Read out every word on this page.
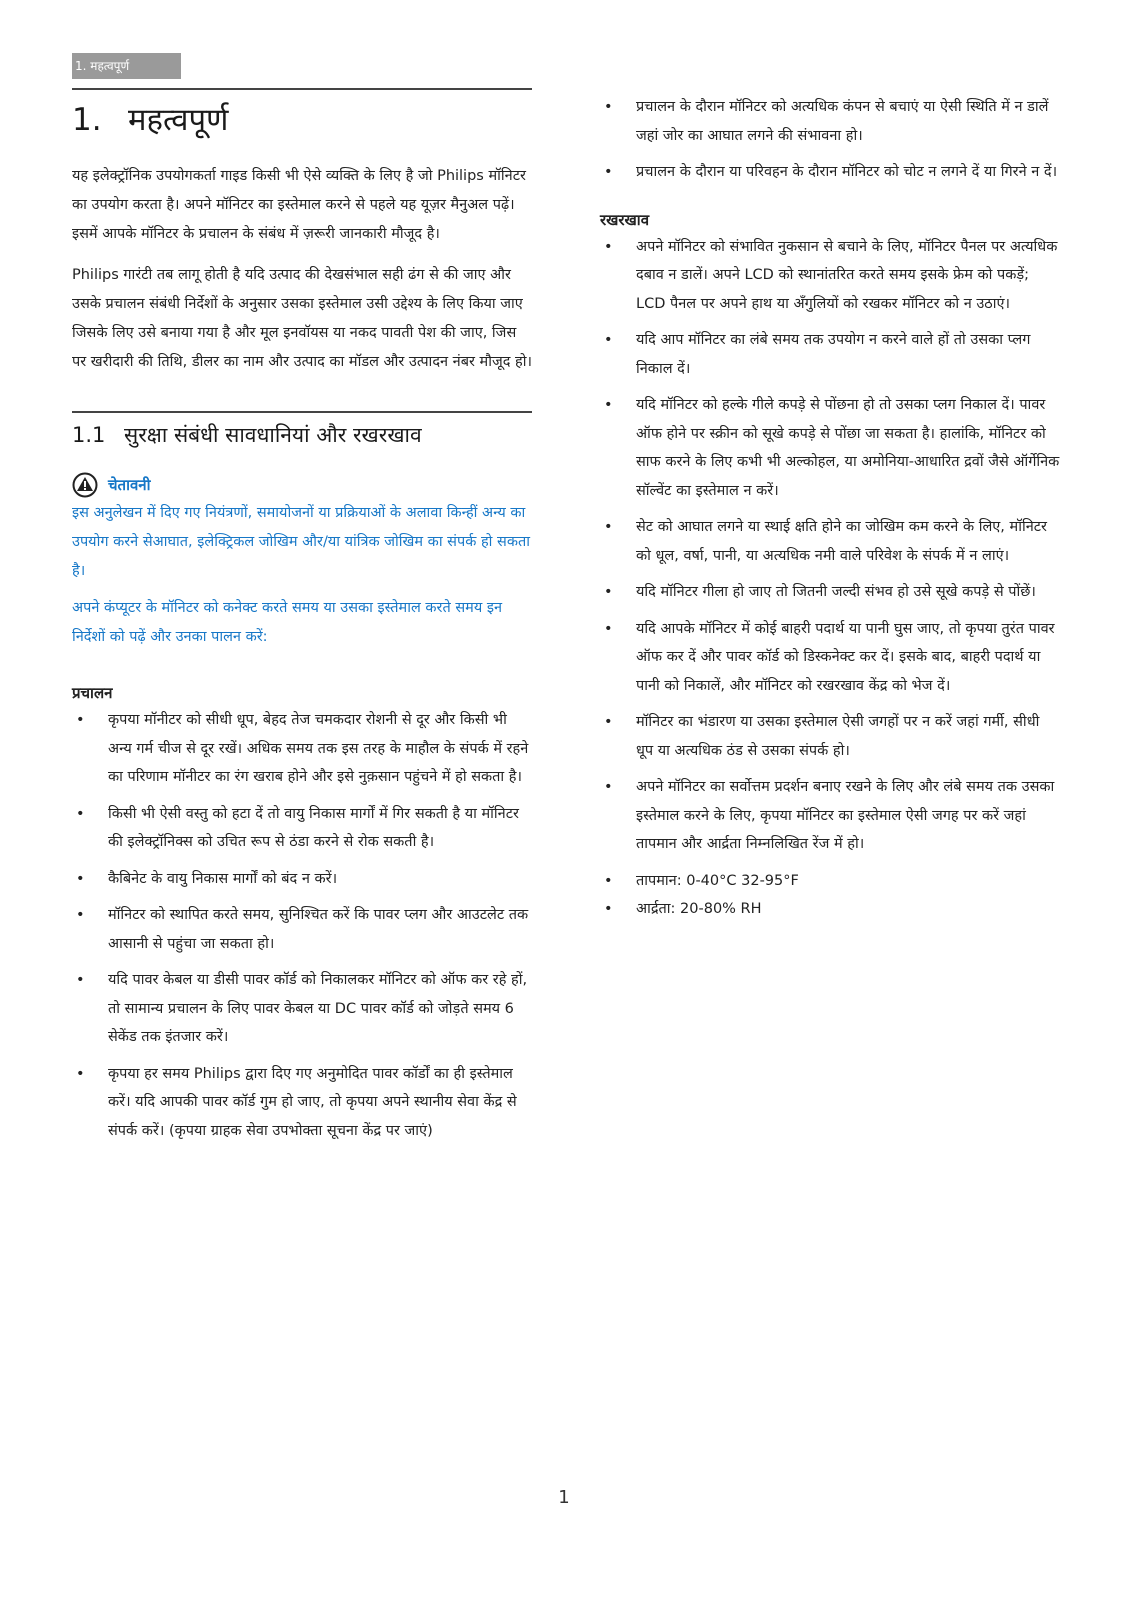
1. महत्वपूर्ण
1. महत्वपूर्ण

यह इलेक्ट्रॉनिक उपयोगकर्ता गाइड किसी भी ऐसे व्यक्ति के लिए है जो Philips मॉनिटर का उपयोग करता है। अपने मॉनिटर का इस्तेमाल करने से पहले यह यूज़र मैनुअल पढ़ें। इसमें आपके मॉनिटर के प्रचालन के संबंध में ज़रूरी जानकारी मौजूद है।

Philips गारंटी तब लागू होती है यदि उत्पाद की देखसंभाल सही ढंग से की जाए और उसके प्रचालन संबंधी निर्देशों के अनुसार उसका इस्तेमाल उसी उद्देश्य के लिए किया जाए जिसके लिए उसे बनाया गया है और मूल इनवॉयस या नकद पावती पेश की जाए, जिस पर खरीदारी की तिथि, डीलर का नाम और उत्पाद का मॉडल और उत्पादन नंबर मौजूद हो।

1.1 सुरक्षा संबंधी सावधानियां और रखरखाव
चेतावनी

इस अनुलेखन में दिए गए नियंत्रणों, समायोजनों या प्रक्रियाओं के अलावा किन्हीं अन्य का उपयोग करने सेआघात, इलेक्ट्रिकल जोखिम और/या यांत्रिक जोखिम का संपर्क हो सकता है।

अपने कंप्यूटर के मॉनिटर को कनेक्ट करते समय या उसका इस्तेमाल करते समय इन निर्देशों को पढ़ें और उनका पालन करें:

प्रचालन

• कृपया मॉनीटर को सीधी धूप, बेहद तेज चमकदार रोशनी से दूर और किसी भी अन्य गर्म चीज से दूर रखें। अधिक समय तक इस तरह के माहौल के संपर्क में रहने का परिणाम मॉनीटर का रंग खराब होने और इसे नुक़सान पहुंचने में हो सकता है।
• किसी भी ऐसी वस्तु को हटा दें तो वायु निकास मार्गों में गिर सकती है या मॉनिटर की इलेक्ट्रॉनिक्स को उचित रूप से ठंडा करने से रोक सकती है।
• कैबिनेट के वायु निकास मार्गों को बंद न करें।
• मॉनिटर को स्थापित करते समय, सुनिश्चित करें कि पावर प्लग और आउटलेट तक आसानी से पहुंचा जा सकता हो।
• यदि पावर केबल या डीसी पावर कॉर्ड को निकालकर मॉनिटर को ऑफ कर रहे हों, तो सामान्य प्रचालन के लिए पावर केबल या DC पावर कॉर्ड को जोड़ते समय 6 सेकेंड तक इंतजार करें।
• कृपया हर समय Philips द्वारा दिए गए अनुमोदित पावर कॉर्डों का ही इस्तेमाल करें। यदि आपकी पावर कॉर्ड गुम हो जाए, तो कृपया अपने स्थानीय सेवा केंद्र से संपर्क करें। (कृपया ग्राहक सेवा उपभोक्ता सूचना केंद्र पर जाएं)
• प्रचालन के दौरान मॉनिटर को अत्यधिक कंपन से बचाएं या ऐसी स्थिति में न डालें जहां जोर का आघात लगने की संभावना हो।
• प्रचालन के दौरान या परिवहन के दौरान मॉनिटर को चोट न लगने दें या गिरने न दें।

रखरखाव

• अपने मॉनिटर को संभावित नुकसान से बचाने के लिए, मॉनिटर पैनल पर अत्यधिक दबाव न डालें। अपने LCD को स्थानांतरित करते समय इसके फ्रेम को पकड़ें; LCD पैनल पर अपने हाथ या अँगुलियों को रखकर मॉनिटर को न उठाएं।
• यदि आप मॉनिटर का लंबे समय तक उपयोग न करने वाले हों तो उसका प्लग निकाल दें।
• यदि मॉनिटर को हल्के गीले कपड़े से पोंछना हो तो उसका प्लग निकाल दें। पावर ऑफ होने पर स्क्रीन को सूखे कपड़े से पोंछा जा सकता है। हालांकि, मॉनिटर को साफ करने के लिए कभी भी अल्कोहल, या अमोनिया-आधारित द्रवों जैसे ऑर्गेनिक सॉल्वेंट का इस्तेमाल न करें।
• सेट को आघात लगने या स्थाई क्षति होने का जोखिम कम करने के लिए, मॉनिटर को धूल, वर्षा, पानी, या अत्यधिक नमी वाले परिवेश के संपर्क में न लाएं।
• यदि मॉनिटर गीला हो जाए तो जितनी जल्दी संभव हो उसे सूखे कपड़े से पोंछें।
• यदि आपके मॉनिटर में कोई बाहरी पदार्थ या पानी घुस जाए, तो कृपया तुरंत पावर ऑफ कर दें और पावर कॉर्ड को डिस्कनेक्ट कर दें। इसके बाद, बाहरी पदार्थ या पानी को निकालें, और मॉनिटर को रखरखाव केंद्र को भेज दें।
• मॉनिटर का भंडारण या उसका इस्तेमाल ऐसी जगहों पर न करें जहां गर्मी, सीधी धूप या अत्यधिक ठंड से उसका संपर्क हो।
• अपने मॉनिटर का सर्वोत्तम प्रदर्शन बनाए रखने के लिए और लंबे समय तक उसका इस्तेमाल करने के लिए, कृपया मॉनिटर का इस्तेमाल ऐसी जगह पर करें जहां तापमान और आर्द्रता निम्नलिखित रेंज में हो।
• तापमान: 0-40°C 32-95°F
• आर्द्रता: 20-80% RH
1
